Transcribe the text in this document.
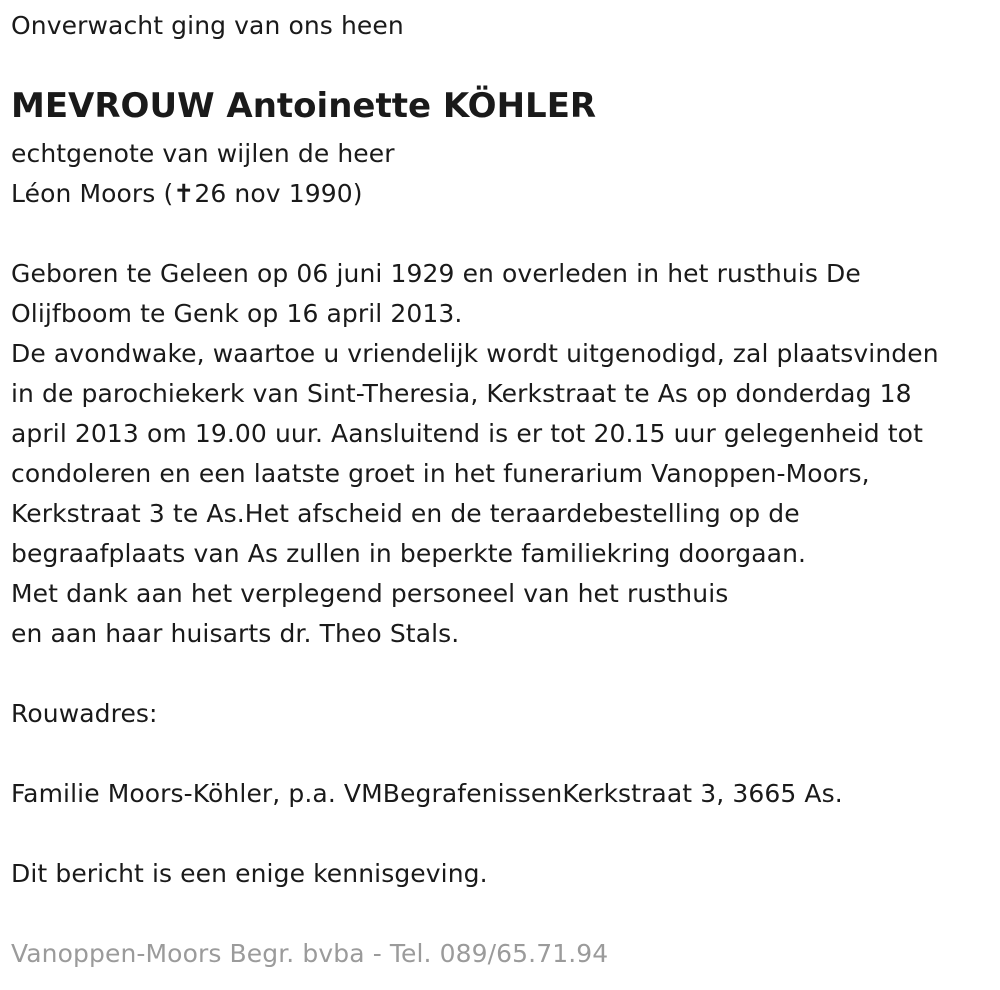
Onverwacht ging van ons heen
MEVROUW Antoinette KÖHLER
echtgenote van wijlen de heer
Léon Moors (✝26 nov 1990)
Geboren te Geleen op 06 juni 1929 en overleden in het rusthuis De
Olijfboom te Genk op 16 april 2013.
De avondwake, waartoe u vriendelijk wordt uitgenodigd, zal plaatsvinden
in de parochiekerk van Sint-Theresia, Kerkstraat te As op donderdag 18
april 2013 om 19.00 uur. Aansluitend is er tot 20.15 uur gelegenheid tot
condoleren en een laatste groet in het funerarium Vanoppen-Moors,
Kerkstraat 3 te As.Het afscheid en de teraardebestelling op de
begraafplaats van As zullen in beperkte familiekring doorgaan.
Met dank aan het verplegend personeel van het rusthuis
en aan haar huisarts dr. Theo Stals.
Rouwadres:
Familie Moors-Köhler, p.a. VMBegrafenissenKerkstraat 3, 3665 As.
Dit bericht is een enige kennisgeving.
Vanoppen-Moors Begr. bvba - Tel. 089/65.71.94
